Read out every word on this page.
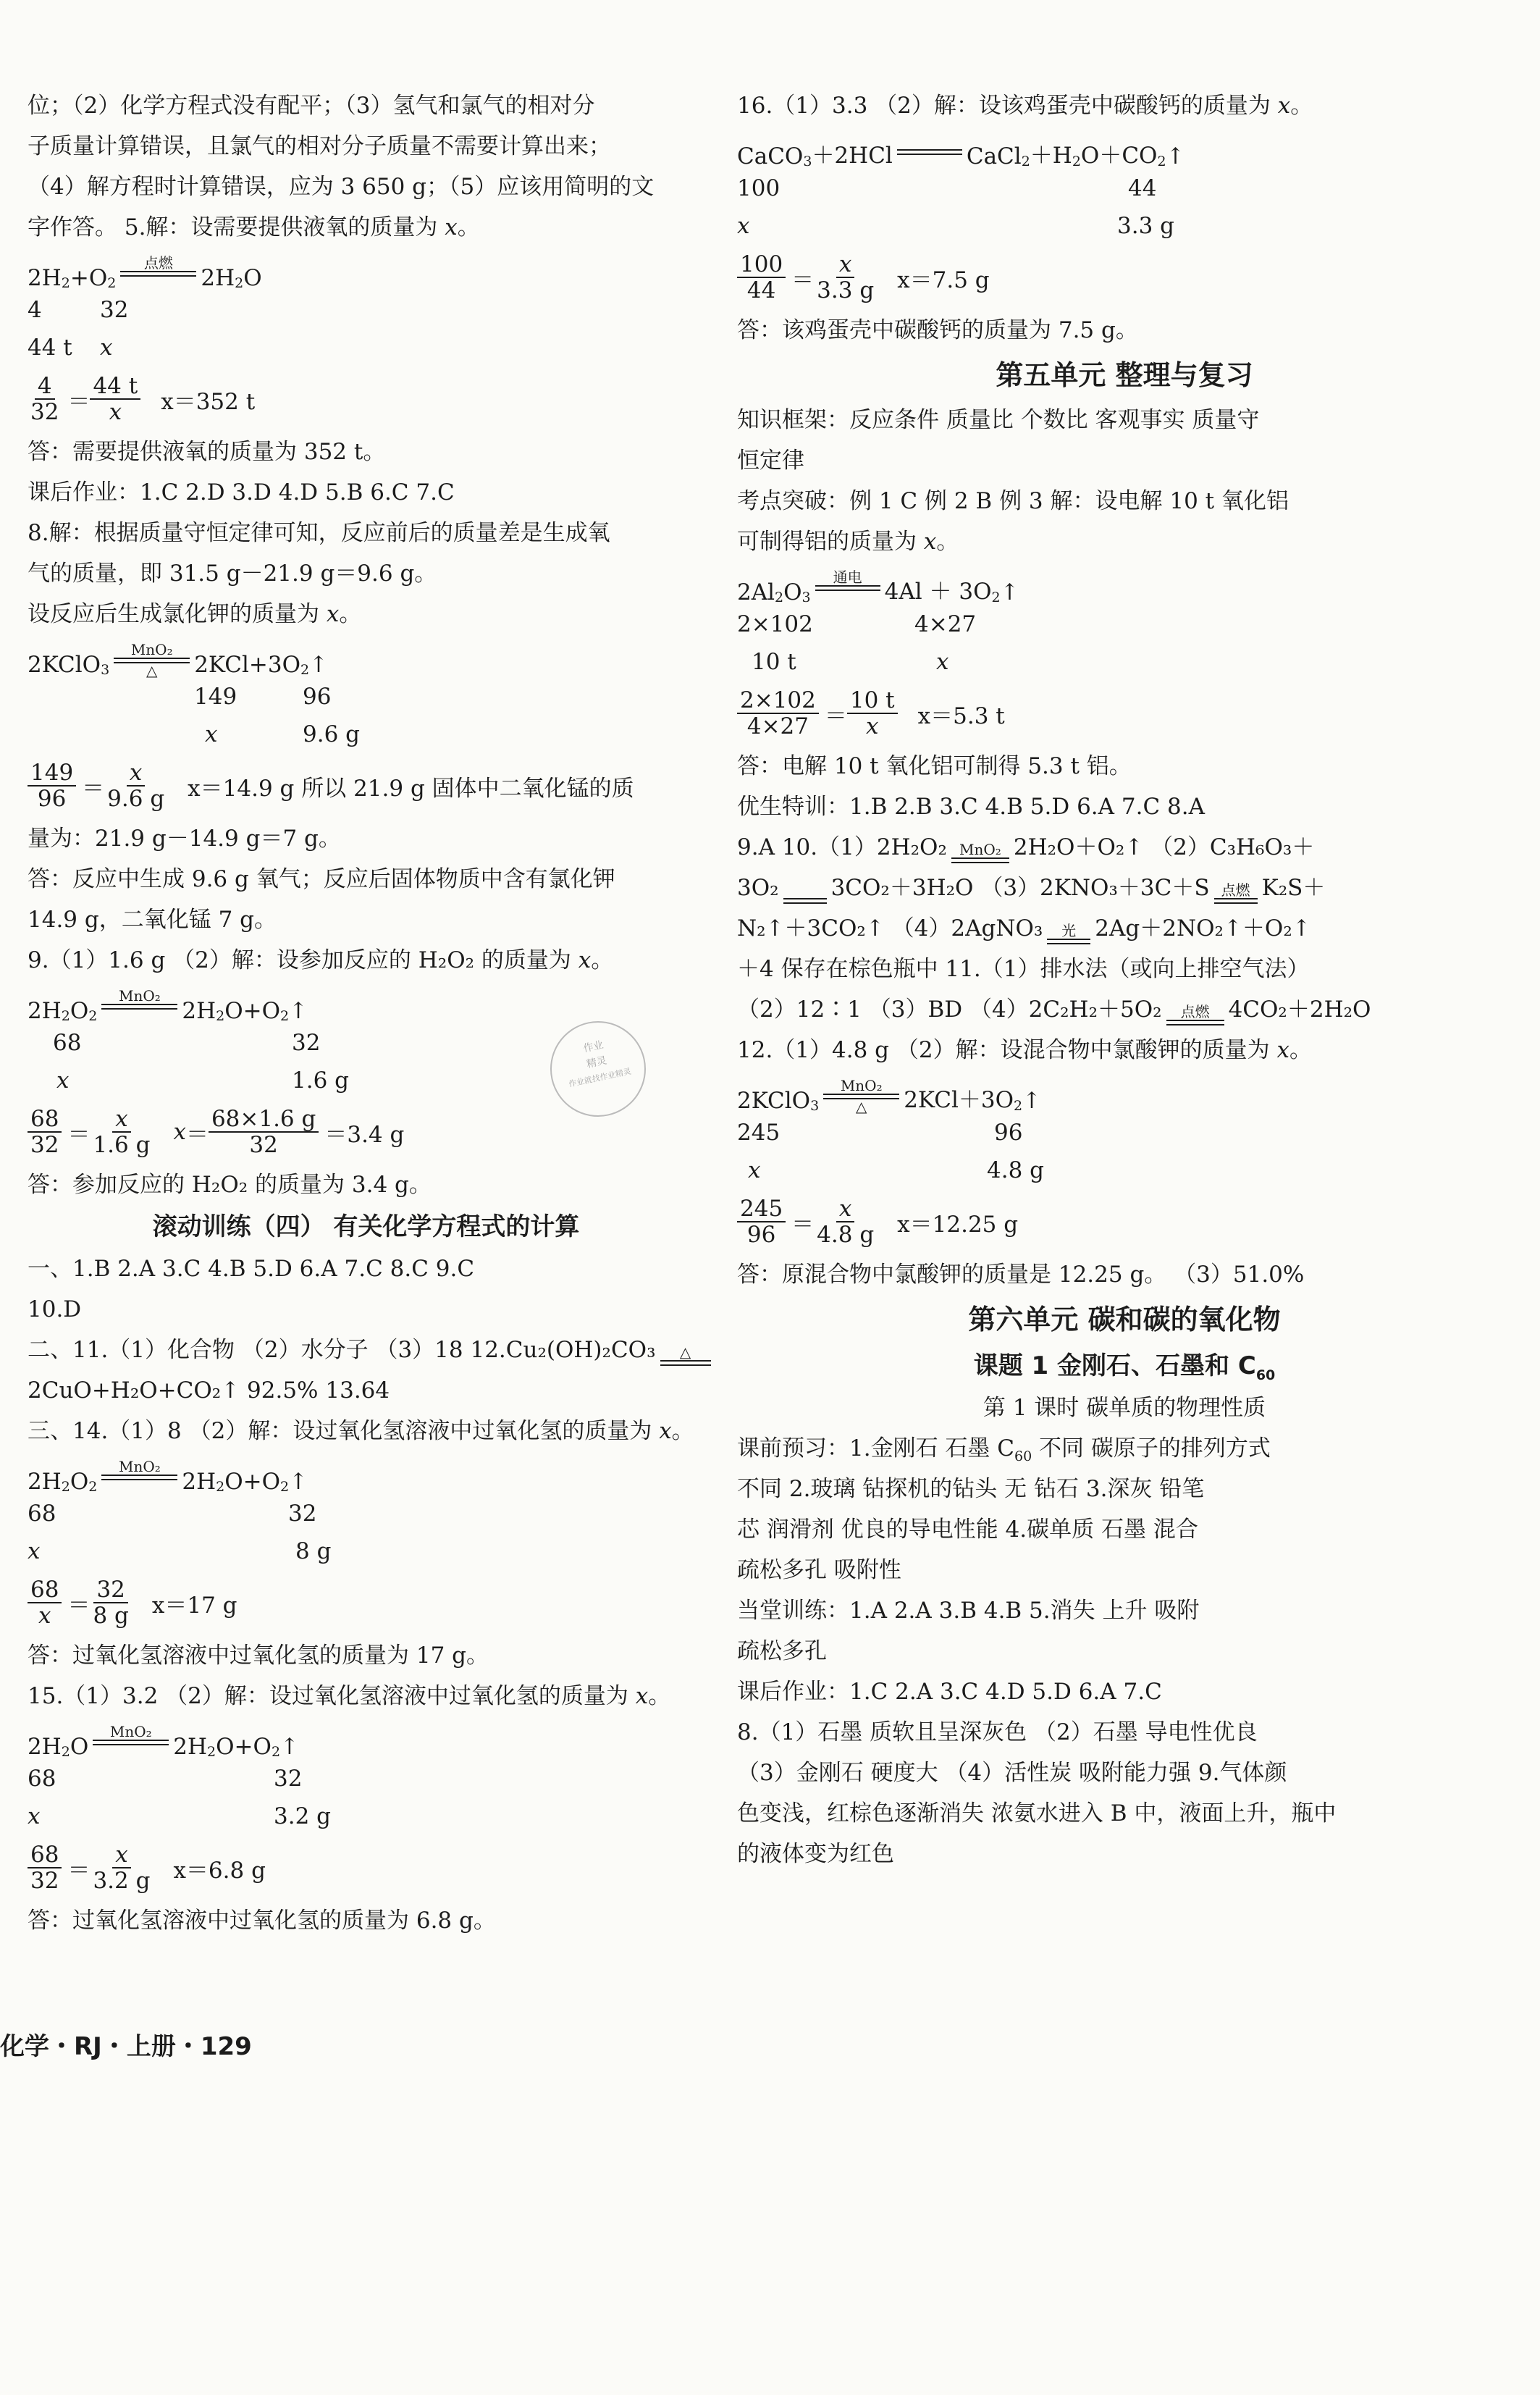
位；（2）化学方程式没有配平；（3）氢气和氯气的相对分
子质量计算错误，且氯气的相对分子质量不需要计算出来；
（4）解方程时计算错误，应为 3 650 g；（5）应该用简明的文
字作答。 5.解：设需要提供液氧的质量为 x。
$2H_2 +O_2$
点燃

$2H_2$ O
4	32
44 t	x
$\frac{4}{32} = \frac{44 t}{x} x=352$ t
答：需要提供液氧的质量为 352 t。
课后作业：1.C 2.D 3.D 4.D 5.B 6.C 7.C
8.解：根据质量守恒定律可知，反应前后的质量差是生成氧
气的质量，即 31.5 g－21.9 g＝9.6 g。
设反应后生成氯化钾的质量为 x。
2KClO$_3$
MnO₂
△ $2KCl+3O_2$ ↑
149	96
x	9.6 g
$\frac{149}{96} = \frac{x}{9.6 g} x=14.9$ g 所以 21.9 g 固体中二氧化锰的质
量为：21.9 g－14.9 g＝7 g。
答：反应中生成 9.6 g 氧气；反应后固体物质中含有氯化钾
14.9 g，二氧化锰 7 g。
9.（1）1.6 g （2）解：设参加反应的 H₂O₂ 的质量为 x。
$2H_2$ $O_2$
MnO₂

$2H_2$ $O+O_2$ ↑
68	32
x	1.6 g
$\frac{68}{32} = \frac{x}{1.6 g}$ $x = \frac{68\times 1.6 g}{32} =3.4$ g
答：参加反应的 H₂O₂ 的质量为 3.4 g。
滚动训练（四） 有关化学方程式的计算
一、1.B 2.A 3.C 4.B 5.D 6.A 7.C 8.C 9.C
10.D
二、11.（1）化合物 （2）水分子 （3）18 12.Cu₂(OH)₂CO₃ △

2CuO+H₂O+CO₂↑ 92.5% 13.64
三、14.（1）8 （2）解：设过氧化氢溶液中过氧化氢的质量为 x。
$2H_2$ $O_2$
MnO₂

$2H_2$ $O+O_2$ ↑
68	32
x	8 g
$\frac{68}{x} = \frac{32}{8 g} x=17$ g
答：过氧化氢溶液中过氧化氢的质量为 17 g。
15.（1）3.2 （2）解：设过氧化氢溶液中过氧化氢的质量为 x。
$2H_2$ O
MnO₂

$2H_2$ $O+O_2$ ↑
68	32
x	3.2 g
$\frac{68}{32} = \frac{x}{3.2 g} x=6.8$ g
答：过氧化氢溶液中过氧化氢的质量为 6.8 g。
16.（1）3.3 （2）解：设该鸡蛋壳中碳酸钙的质量为 x。
CaCO$_3$ ＋2HCl

	CaCl$_2$ $+H_2$ $O+CO_2$ ↑
100	44
x	3.3 g
$\frac{100}{44} = \frac{x}{3.3 g} x=7.5$ g
答：该鸡蛋壳中碳酸钙的质量为 7.5 g。
第五单元 整理与复习
知识框架：反应条件 质量比 个数比 客观事实 质量守
恒定律
考点突破：例 1 C 例 2 B 例 3 解：设电解 10 t 氧化铝
可制得铝的质量为 x。
$2Al_2$ $O_3$
通电

$4Al + 3O_2$ ↑
2×102	4×27
10 t	x
$\frac{2\times 102}{4\times 27} = \frac{10 t}{x} x=5.3$ t
答：电解 10 t 氧化铝可制得 5.3 t 铝。
优生特训：1.B 2.B 3.C 4.B 5.D 6.A 7.C 8.A
9.A 10.（1）2H₂O₂ MnO₂
2H₂O＋O₂↑ （2）C₃H₆O₃＋
3O₂

3CO₂＋3H₂O （3）2KNO₃＋3C＋S 点燃
K₂S＋
N₂↑＋3CO₂↑ （4）2AgNO₃ 光
2Ag＋2NO₂↑＋O₂↑
＋4 保存在棕色瓶中 11.（1）排水法（或向上排空气法）
（2）12∶1 （3）BD （4）2C₂H₂＋5O₂ 点燃
4CO₂＋2H₂O
12.（1）4.8 g （2）解：设混合物中氯酸钾的质量为 x。
2KClO$_3$
MnO₂
△ $2KCl+3O_2$ ↑
245	96
x	4.8 g
$\frac{245}{96} = \frac{x}{4.8 g} x=12.25$ g
答：原混合物中氯酸钾的质量是 12.25 g。 （3）51.0%
第六单元 碳和碳的氧化物
课题 1 金刚石、石墨和 $C_{60}$
第 1 课时 碳单质的物理性质
课前预习：1.金刚石 石墨 $C_{60}$ 不同 碳原子的排列方式
不同 2.玻璃 钻探机的钻头 无 钻石 3.深灰 铅笔
芯 润滑剂 优良的导电性能 4.碳单质 石墨 混合
疏松多孔 吸附性
当堂训练：1.A 2.A 3.B 4.B 5.消失 上升 吸附
疏松多孔
课后作业：1.C 2.A 3.C 4.D 5.D 6.A 7.C
8.（1）石墨 质软且呈深灰色 （2）石墨 导电性优良
（3）金刚石 硬度大 （4）活性炭 吸附能力强 9.气体颜
色变浅，红棕色逐渐消失 浓氨水进入 B 中，液面上升，瓶中
的液体变为红色
作业
精灵
作业就找作业精灵
化学・RJ・上册・129
